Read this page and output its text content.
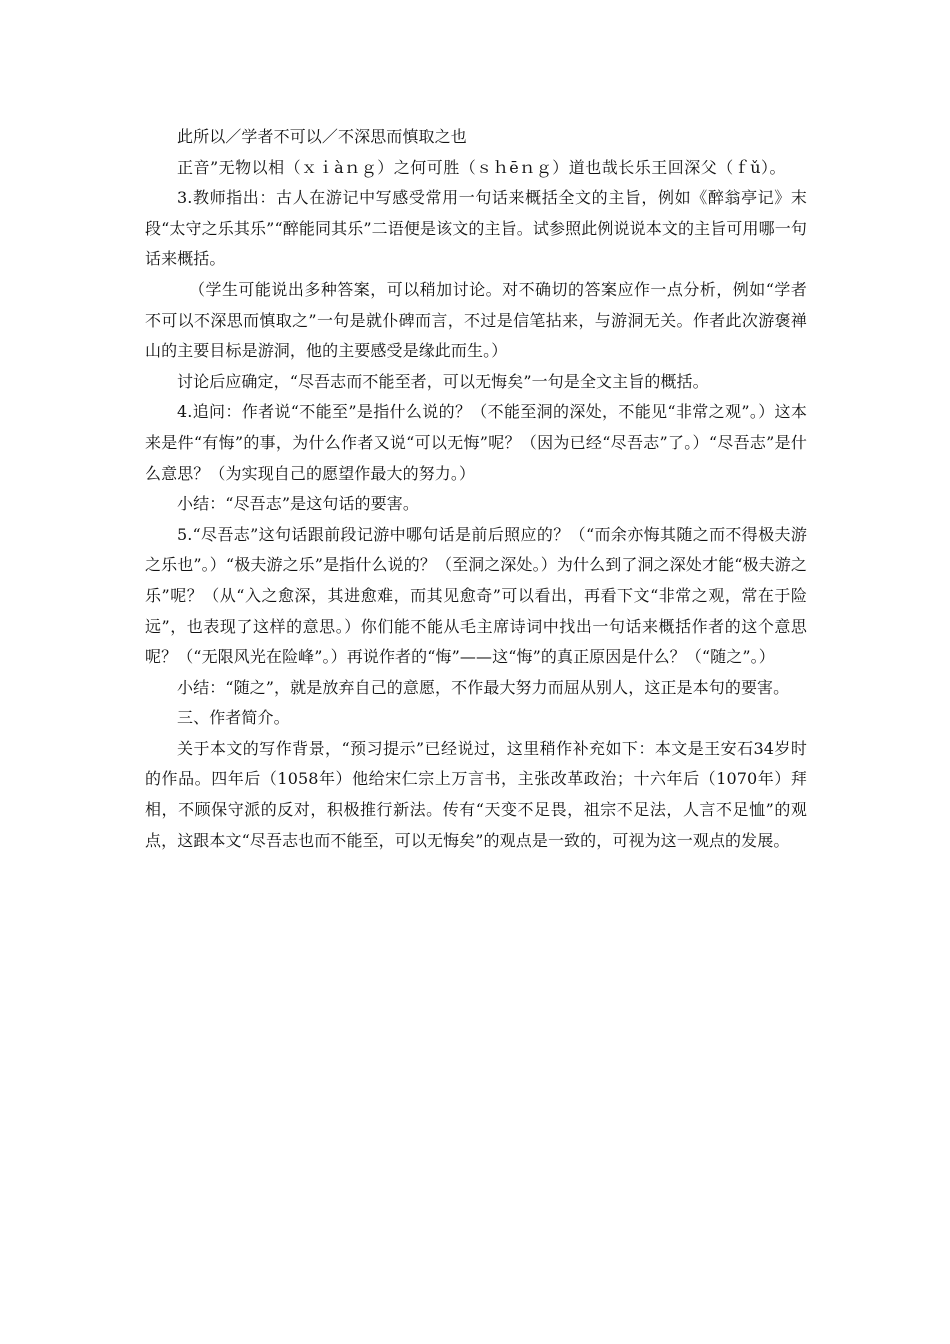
此所以／学者不可以／不深思而慎取之也

正音”无物以相（ｘｉàｎｇ）之何可胜（ｓｈēｎｇ）道也哉长乐王回深父（ｆǔ）。

3.教师指出：古人在游记中写感受常用一句话来概括全文的主旨，例如《醉翁亭记》末段“太守之乐其乐”“醉能同其乐”二语便是该文的主旨。试参照此例说说本文的主旨可用哪一句话来概括。

（学生可能说出多种答案，可以稍加讨论。对不确切的答案应作一点分析，例如“学者不可以不深思而慎取之”一句是就仆碑而言，不过是信笔拈来，与游洞无关。作者此次游褒禅山的主要目标是游洞，他的主要感受是缘此而生。）

讨论后应确定，“尽吾志而不能至者，可以无悔矣”一句是全文主旨的概括。

4.追问：作者说“不能至”是指什么说的？（不能至洞的深处，不能见“非常之观”。）这本来是件“有悔”的事，为什么作者又说“可以无悔”呢？（因为已经“尽吾志”了。）“尽吾志”是什么意思？（为实现自己的愿望作最大的努力。）

小结：“尽吾志”是这句话的要害。

5.“尽吾志”这句话跟前段记游中哪句话是前后照应的？（“而余亦悔其随之而不得极夫游之乐也”。）“极夫游之乐”是指什么说的？（至洞之深处。）为什么到了洞之深处才能“极夫游之乐”呢？（从“入之愈深，其进愈难，而其见愈奇”可以看出，再看下文“非常之观，常在于险远”，也表现了这样的意思。）你们能不能从毛主席诗词中找出一句话来概括作者的这个意思呢？（“无限风光在险峰”。）再说作者的“悔”——这“悔”的真正原因是什么？（“随之”。）

小结：“随之”，就是放弃自己的意愿，不作最大努力而屈从别人，这正是本句的要害。

三、作者简介。

关于本文的写作背景，“预习提示”已经说过，这里稍作补充如下：本文是王安石34岁时的作品。四年后（1058年）他给宋仁宗上万言书，主张改革政治；十六年后（1070年）拜相，不顾保守派的反对，积极推行新法。传有“天变不足畏，祖宗不足法，人言不足恤”的观点，这跟本文“尽吾志也而不能至，可以无悔矣”的观点是一致的，可视为这一观点的发展。
